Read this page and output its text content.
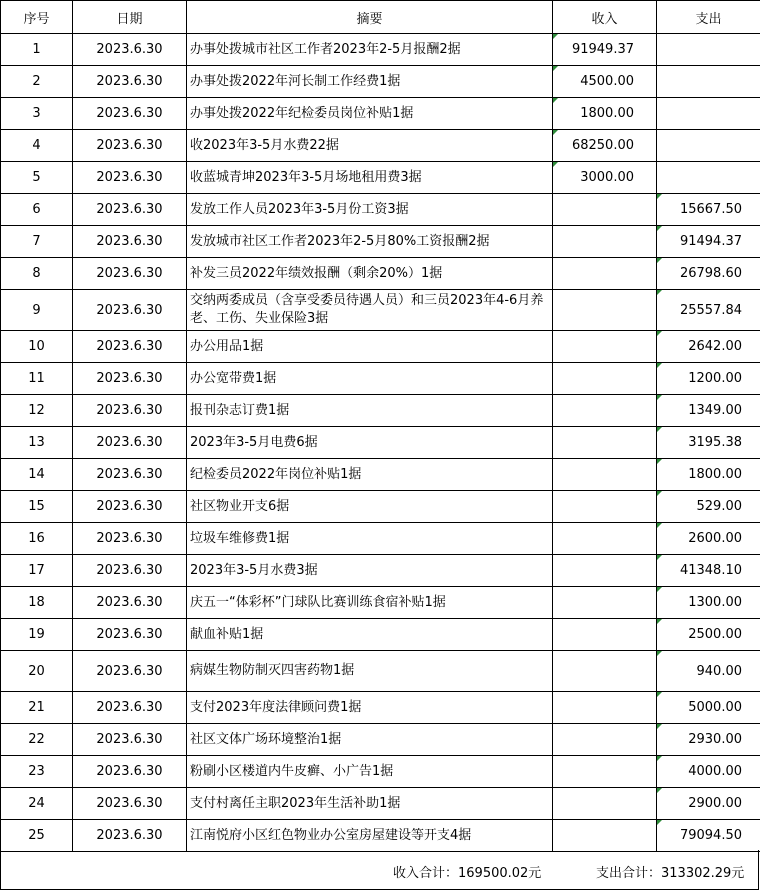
序号	日期	摘要	收入	支出
1	2023.6.30	办事处拨城市社区工作者2023年2-5月报酬2据	91949.37	
2	2023.6.30	办事处拨2022年河长制工作经费1据	4500.00	
3	2023.6.30	办事处拨2022年纪检委员岗位补贴1据	1800.00	
4	2023.6.30	收2023年3-5月水费22据	68250.00	
5	2023.6.30	收蓝城青坤2023年3-5月场地租用费3据	3000.00	
6	2023.6.30	发放工作人员2023年3-5月份工资3据		15667.50
7	2023.6.30	发放城市社区工作者2023年2-5月80%工资报酬2据		91494.37
8	2023.6.30	补发三员2022年绩效报酬（剩余20%）1据		26798.60
9	2023.6.30	交纳两委成员（含享受委员待遇人员）和三员2023年4-6月养老、工伤、失业保险3据		25557.84
10	2023.6.30	办公用品1据		2642.00
11	2023.6.30	办公宽带费1据		1200.00
12	2023.6.30	报刊杂志订费1据		1349.00
13	2023.6.30	2023年3-5月电费6据		3195.38
14	2023.6.30	纪检委员2022年岗位补贴1据		1800.00
15	2023.6.30	社区物业开支6据		529.00
16	2023.6.30	垃圾车维修费1据		2600.00
17	2023.6.30	2023年3-5月水费3据		41348.10
18	2023.6.30	庆五一“体彩杯”门球队比赛训练食宿补贴1据		1300.00
19	2023.6.30	献血补贴1据		2500.00
20	2023.6.30	病媒生物防制灭四害药物1据		940.00
21	2023.6.30	支付2023年度法律顾问费1据		5000.00
22	2023.6.30	社区文体广场环境整治1据		2930.00
23	2023.6.30	粉刷小区楼道内牛皮癣、小广告1据		4000.00
24	2023.6.30	支付村离任主职2023年生活补助1据		2900.00
25	2023.6.30	江南悦府小区红色物业办公室房屋建设等开支4据		79094.50
收入合计：169500.02元	支出合计：313302.29元
